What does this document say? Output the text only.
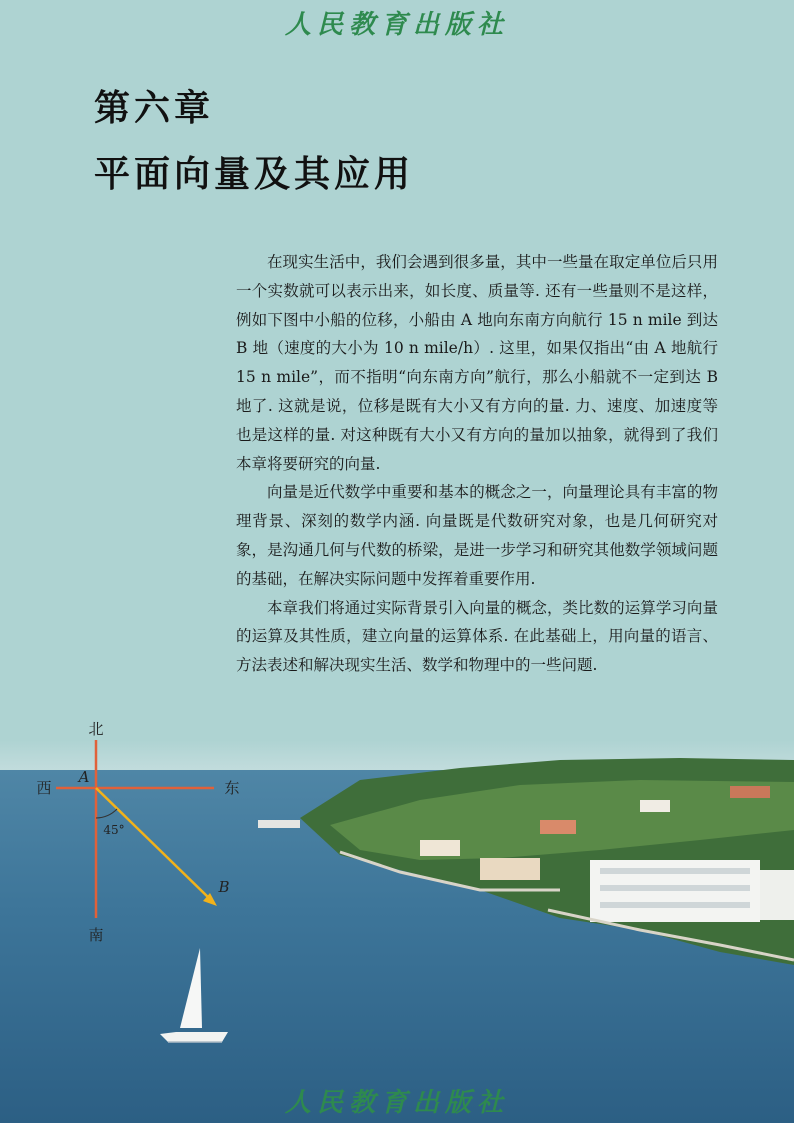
人民教育出版社
第六章
平面向量及其应用

在现实生活中，我们会遇到很多量，其中一些量在取定单位后只用一个实数就可以表示出来，如长度、质量等. 还有一些量则不是这样，例如下图中小船的位移，小船由 A 地向东南方向航行 15 n mile 到达 B 地（速度的大小为 10 n mile/h）. 这里，如果仅指出“由 A 地航行 15 n mile”，而不指明“向东南方向”航行，那么小船就不一定到达 B 地了. 这就是说，位移是既有大小又有方向的量. 力、速度、加速度等也是这样的量. 对这种既有大小又有方向的量加以抽象，就得到了我们本章将要研究的向量.

向量是近代数学中重要和基本的概念之一，向量理论具有丰富的物理背景、深刻的数学内涵. 向量既是代数研究对象，也是几何研究对象，是沟通几何与代数的桥梁，是进一步学习和研究其他数学领域问题的基础，在解决实际问题中发挥着重要作用.

本章我们将通过实际背景引入向量的概念，类比数的运算学习向量的运算及其性质，建立向量的运算体系. 在此基础上，用向量的语言、方法表述和解决现实生活、数学和物理中的一些问题.

北
南
西	东
A
B
45°
人民教育出版社
